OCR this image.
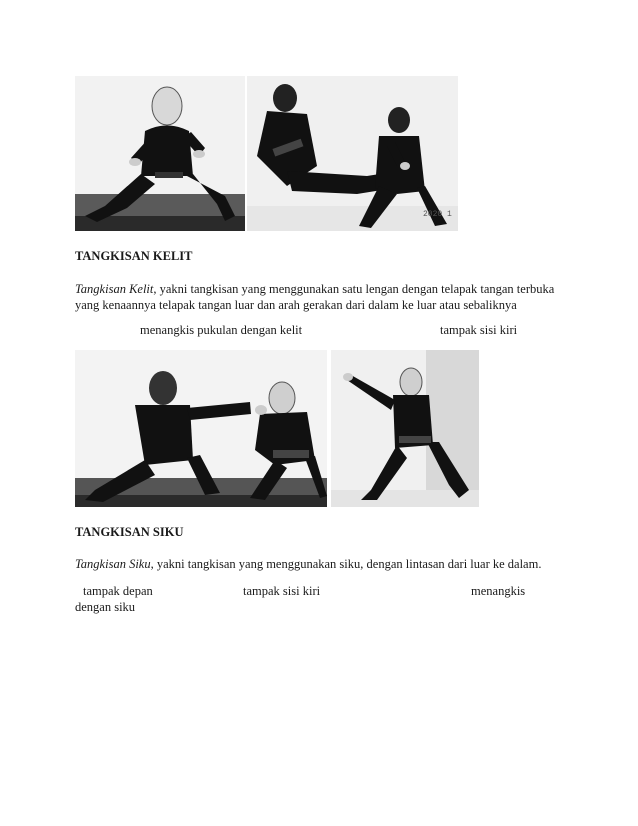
2020 1
TANGKISAN KELIT
Tangkisan Kelit, yakni tangkisan yang menggunakan satu lengan dengan telapak tangan terbuka yang kenaannya telapak tangan luar dan arah gerakan dari dalam ke luar atau sebaliknya
menangkis pukulan dengan kelit	tampak sisi kiri
TANGKISAN SIKU
Tangkisan Siku, yakni tangkisan yang menggunakan siku, dengan lintasan dari luar ke dalam.
tampak depan	tampak sisi kiri	menangkis
dengan siku
